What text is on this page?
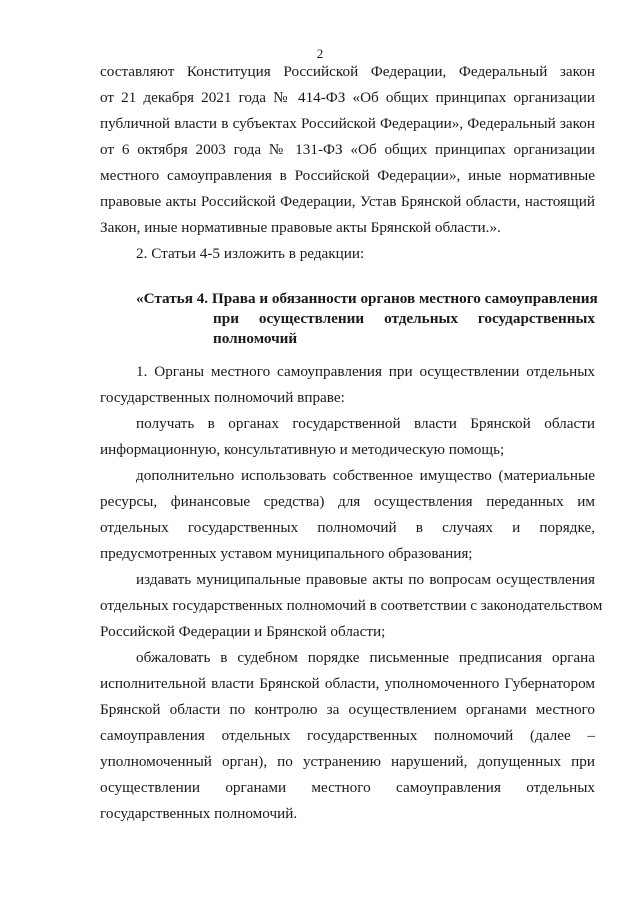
2
составляют Конституция Российской Федерации, Федеральный закон
от 21 декабря 2021 года № 414-ФЗ «Об общих принципах организации
публичной власти в субъектах Российской Федерации», Федеральный закон
от 6 октября 2003 года № 131-ФЗ «Об общих принципах организации
местного самоуправления в Российской Федерации», иные нормативные
правовые акты Российской Федерации, Устав Брянской области, настоящий
Закон, иные нормативные правовые акты Брянской области.».
2. Статьи 4-5 изложить в редакции:
«Статья 4. Права и обязанности органов местного самоуправления
при осуществлении отдельных государственных
полномочий
1. Органы местного самоуправления при осуществлении отдельных
государственных полномочий вправе:
получать в органах государственной власти Брянской области
информационную, консультативную и методическую помощь;
дополнительно использовать собственное имущество (материальные
ресурсы, финансовые средства) для осуществления переданных им
отдельных государственных полномочий в случаях и порядке,
предусмотренных уставом муниципального образования;
издавать муниципальные правовые акты по вопросам осуществления
отдельных государственных полномочий в соответствии с законодательством
Российской Федерации и Брянской области;
обжаловать в судебном порядке письменные предписания органа
исполнительной власти Брянской области, уполномоченного Губернатором
Брянской области по контролю за осуществлением органами местного
самоуправления отдельных государственных полномочий (далее –
уполномоченный орган), по устранению нарушений, допущенных при
осуществлении органами местного самоуправления отдельных
государственных полномочий.
